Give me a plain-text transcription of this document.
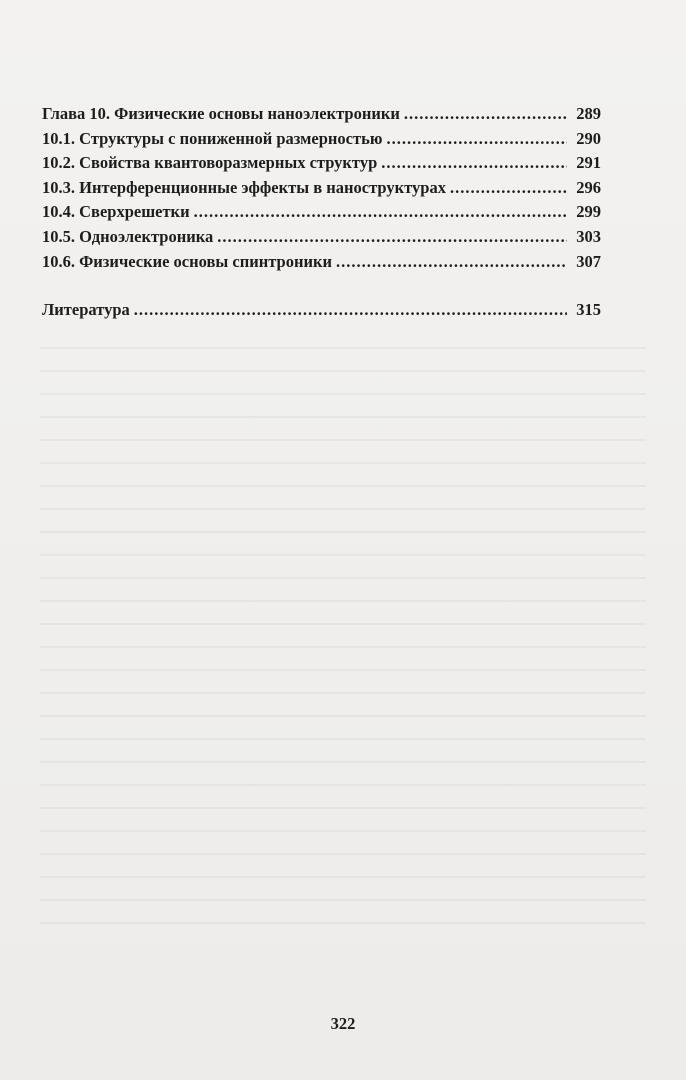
Глава 10. Физические основы наноэлектроники .....	289
10.1. Структуры с пониженной размерностью .....	290
10.2. Свойства квантоворазмерных структур .....	291
10.3. Интерференционные эффекты в наноструктурах .....	296
10.4. Сверхрешетки .....	299
10.5. Одноэлектроника .....	303
10.6. Физические основы спинтроники .....	307
Литература .....	315
322
